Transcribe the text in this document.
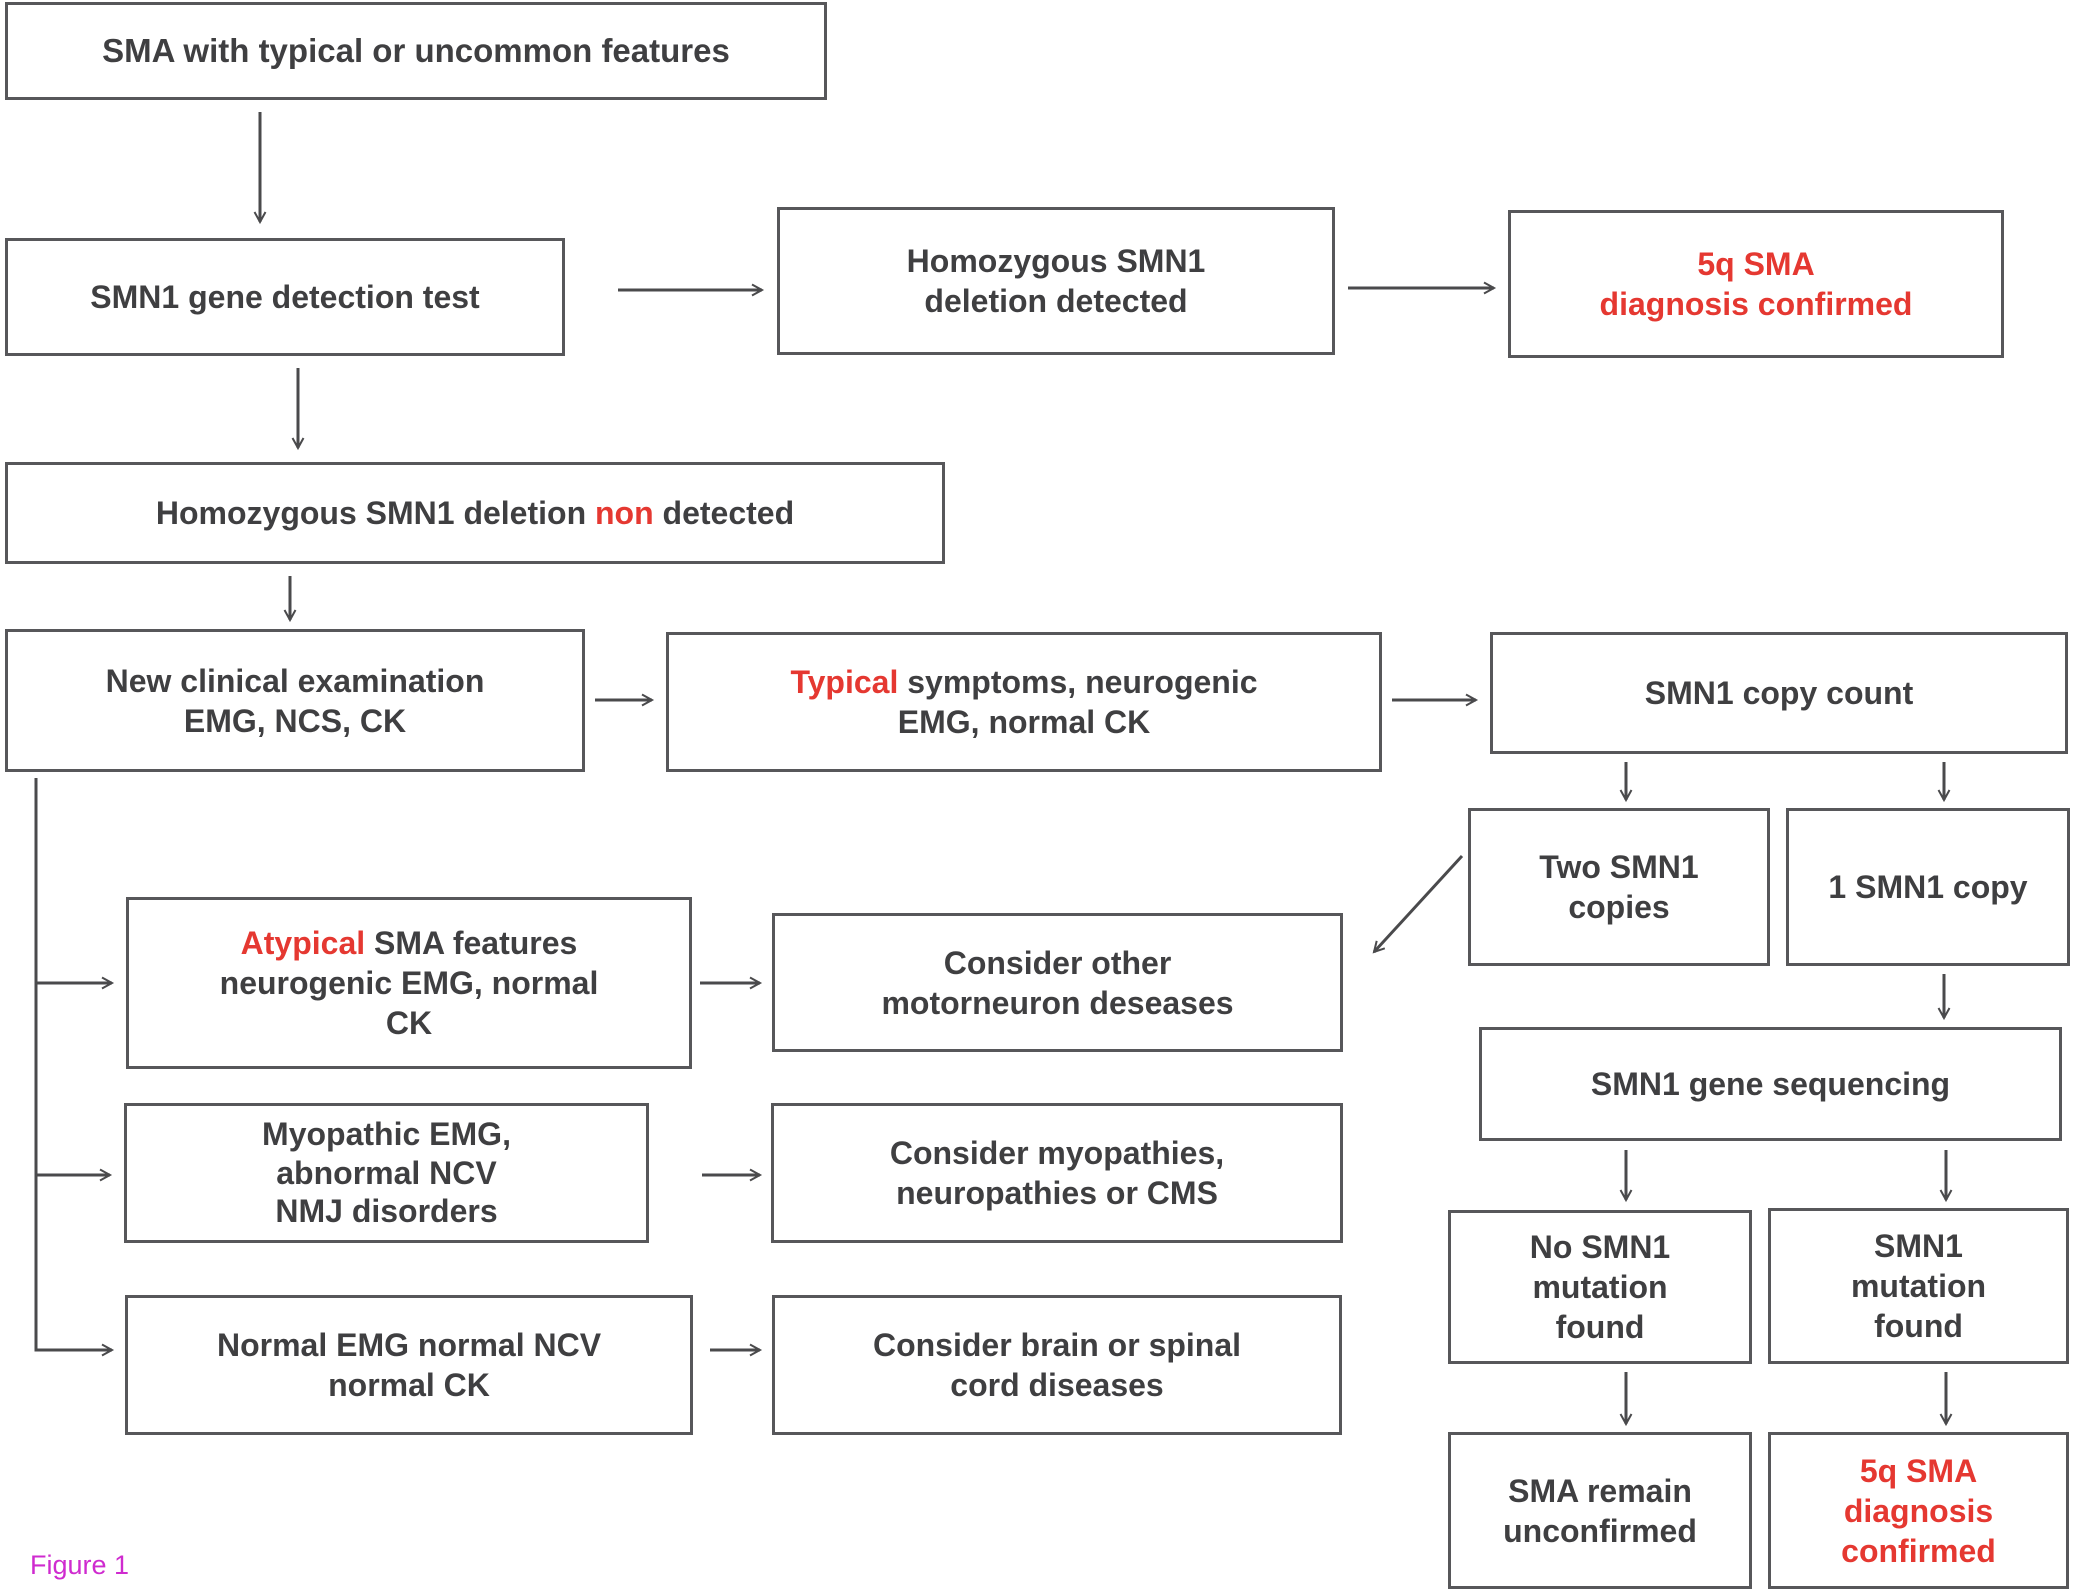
SMA with typical or uncommon features
SMN1 gene detection test
Homozygous SMN1
deletion detected
5q SMA
diagnosis confirmed
Homozygous SMN1 deletion non detected
New clinical examination
EMG, NCS, CK
Typical symptoms, neurogenic
EMG, normal CK
SMN1 copy count
Two SMN1
copies
1 SMN1 copy
SMN1 gene sequencing
No SMN1
mutation
found
SMN1
mutation
found
SMA remain
unconfirmed
5q SMA
diagnosis
confirmed
Atypical SMA features
neurogenic EMG, normal
CK
Consider other
motorneuron deseases
Myopathic EMG,
abnormal NCV
NMJ disorders
Consider myopathies,
neuropathies or CMS
Normal EMG normal NCV
normal CK
Consider brain or spinal
cord diseases
Figure 1
